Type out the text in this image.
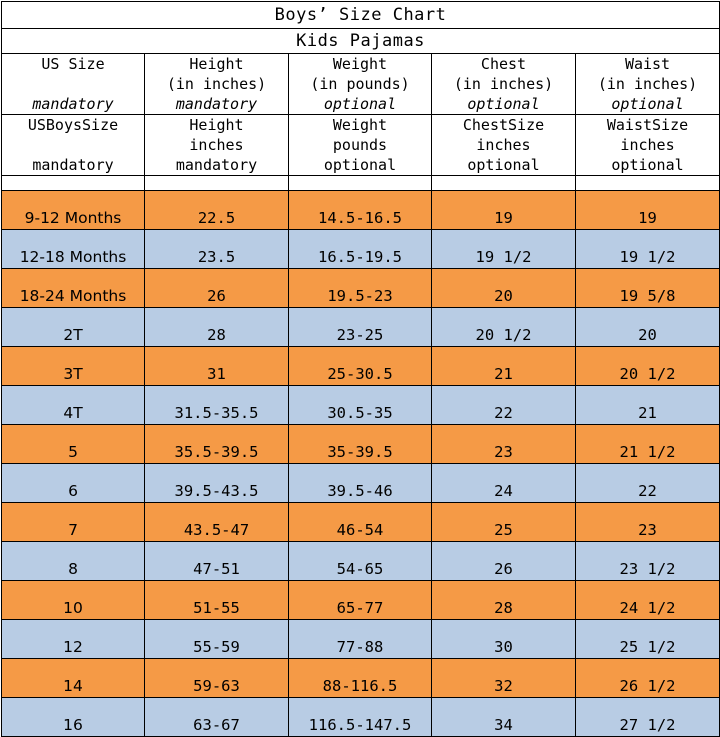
Boys’ Size Chart				
Kids Pajamas				
US Size	Height	Weight	Chest	Waist
	(in inches)	(in pounds)	(in inches)	(in inches)
mandatory	mandatory	optional	optional	optional
USBoysSize	Height	Weight	ChestSize	WaistSize
	inches	pounds	inches	inches
mandatory	mandatory	optional	optional	optional

9-12 Months	22.5	14.5-16.5	19	19
12-18 Months	23.5	16.5-19.5	19 1/2	19 1/2
18-24 Months	26	19.5-23	20	19 5/8
2T	28	23-25	20 1/2	20
3T	31	25-30.5	21	20 1/2
4T	31.5-35.5	30.5-35	22	21
5	35.5-39.5	35-39.5	23	21 1/2
6	39.5-43.5	39.5-46	24	22
7	43.5-47	46-54	25	23
8	47-51	54-65	26	23 1/2
10	51-55	65-77	28	24 1/2
12	55-59	77-88	30	25 1/2
14	59-63	88-116.5	32	26 1/2
16	63-67	116.5-147.5	34	27 1/2
